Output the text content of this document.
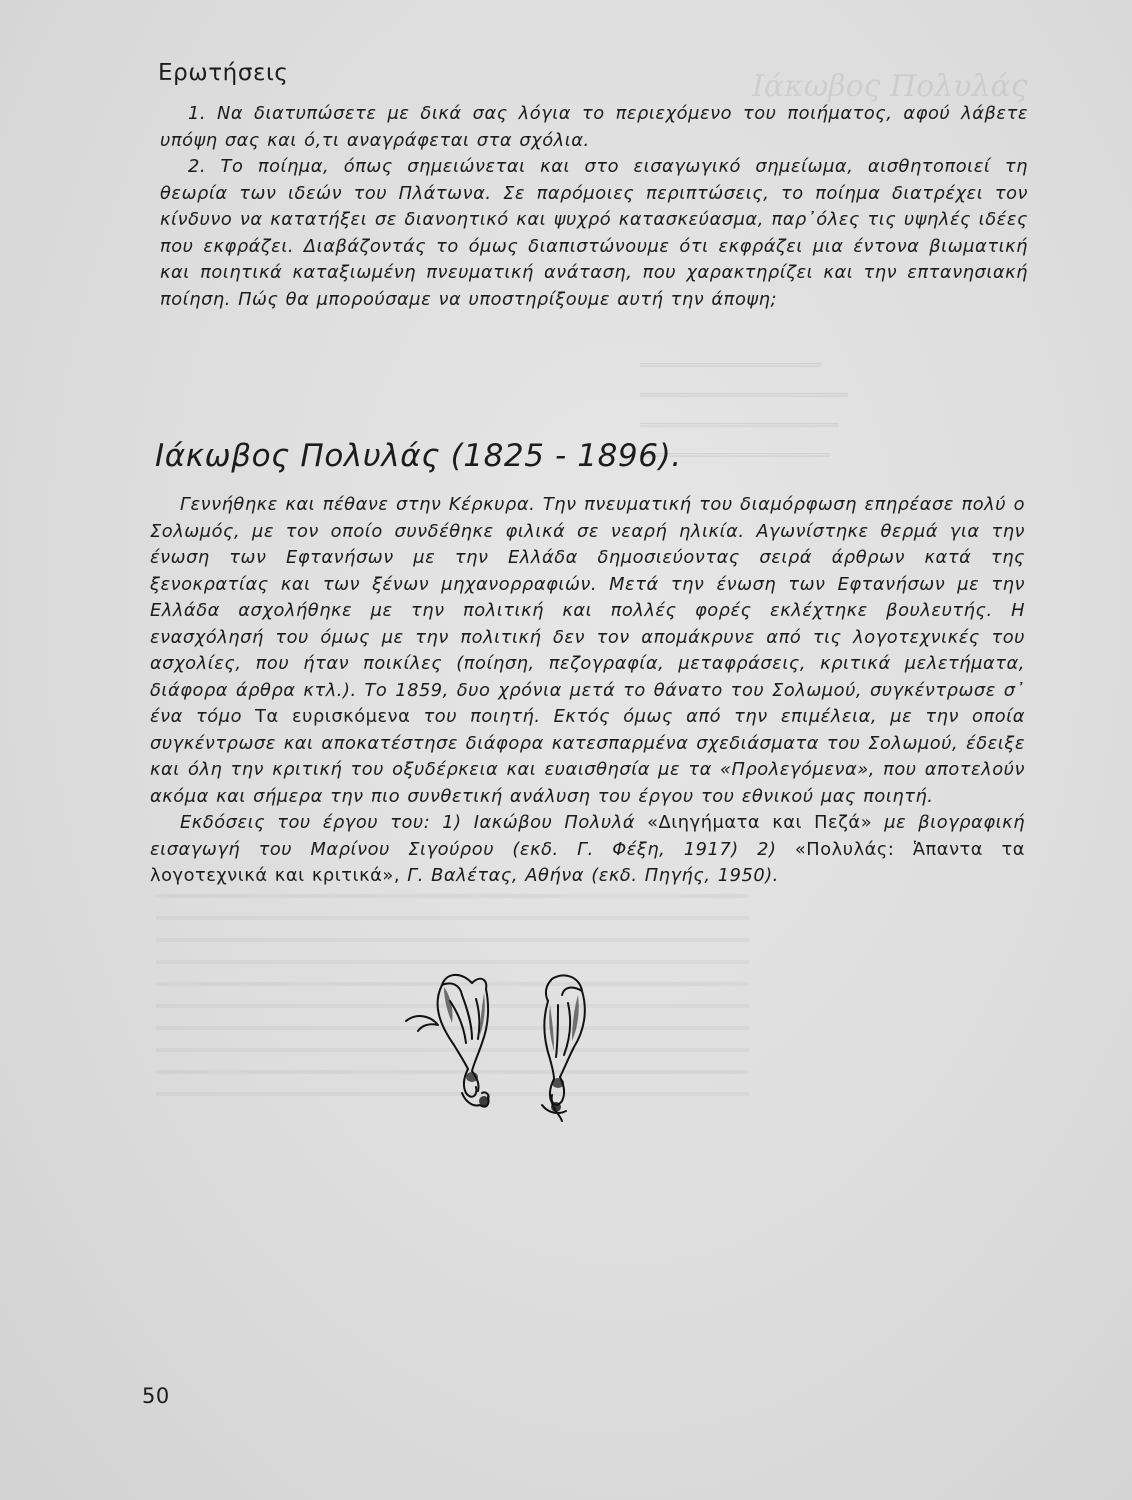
Ιάκωβος Πολυλάς
════════════════════
═══════════════════════
══════════════════════
═════════════════════
══════════════════════════════════════════════════════════════════════════════════
══════════════════════════════════════════════════════════════════════════════════
══════════════════════════════════════════════════════════════════════════════════
══════════════════════════════════════════════════════════════════════════════════
══════════════════════════════════════════════════════════════════════════════════
══════════════════════════════════════════════════════════════════════════════════
══════════════════════════════════════════════════════════════════════════════════
══════════════════════════════════════════════════════════════════════════════════
══════════════════════════════════════════════════════════════════════════════════
══════════════════════════════════════════════════════════════════════════════════
Ερωτήσεις

1. Να διατυπώσετε με δικά σας λόγια το περιεχόμενο του ποιήματος, αφού λάβετε υπόψη σας και ό,τι αναγράφεται στα σχόλια.

2. Το ποίημα, όπως σημειώνεται και στο εισαγωγικό σημείωμα, αισθητοποιεί τη θεωρία των ιδεών του Πλάτωνα. Σε παρόμοιες περιπτώσεις, το ποίημα διατρέχει τον κίνδυνο να κατατήξει σε διανοητικό και ψυχρό κατασκεύασμα, παρ᾽όλες τις υψηλές ιδέες που εκφράζει. Διαβάζοντάς το όμως διαπιστώνουμε ότι εκφράζει μια έντονα βιωματική και ποιητικά καταξιωμένη πνευματική ανάταση, που χαρακτηρίζει και την επτανησιακή ποίηση. Πώς θα μπορούσαμε να υποστηρίξουμε αυτή την άποψη;

Ιάκωβος Πολυλάς (1825 - 1896).

Γεννήθηκε και πέθανε στην Κέρκυρα. Την πνευματική του διαμόρφωση επηρέασε πολύ ο Σολωμός, με τον οποίο συνδέθηκε φιλικά σε νεαρή ηλικία. Αγωνίστηκε θερμά για την ένωση των Εφτανήσων με την Ελλάδα δημοσιεύοντας σειρά άρθρων κατά της ξενοκρατίας και των ξένων μηχανορραφιών. Μετά την ένωση των Εφτανήσων με την Ελλάδα ασχολήθηκε με την πολιτική και πολλές φορές εκλέχτηκε βουλευτής. Η ενασχόλησή του όμως με την πολιτική δεν τον απομάκρυνε από τις λογοτεχνικές του ασχολίες, που ήταν ποικίλες (ποίηση, πεζογραφία, μεταφράσεις, κριτικά μελετήματα, διάφορα άρθρα κτλ.). Το 1859, δυο χρόνια μετά το θάνατο του Σολωμού, συγκέντρωσε σ᾽ ένα τόμο Τα ευρισκόμενα του ποιητή. Εκτός όμως από την επιμέλεια, με την οποία συγκέντρωσε και αποκατέστησε διάφορα κατεσπαρμένα σχεδιάσματα του Σολωμού, έδειξε και όλη την κριτική του οξυδέρκεια και ευαισθησία με τα «Προλεγόμενα», που αποτελούν ακόμα και σήμερα την πιο συνθετική ανάλυση του έργου του εθνικού μας ποιητή.

Εκδόσεις του έργου του: 1) Ιακώβου Πολυλά «Διηγήματα και Πεζά» με βιογραφική εισαγωγή του Μαρίνου Σιγούρου (εκδ. Γ. Φέξη, 1917) 2) «Πολυλάς: Ἁπαντα τα λογοτεχνικά και κριτικά», Γ. Βαλέτας, Αθήνα (εκδ. Πηγής, 1950).

50
